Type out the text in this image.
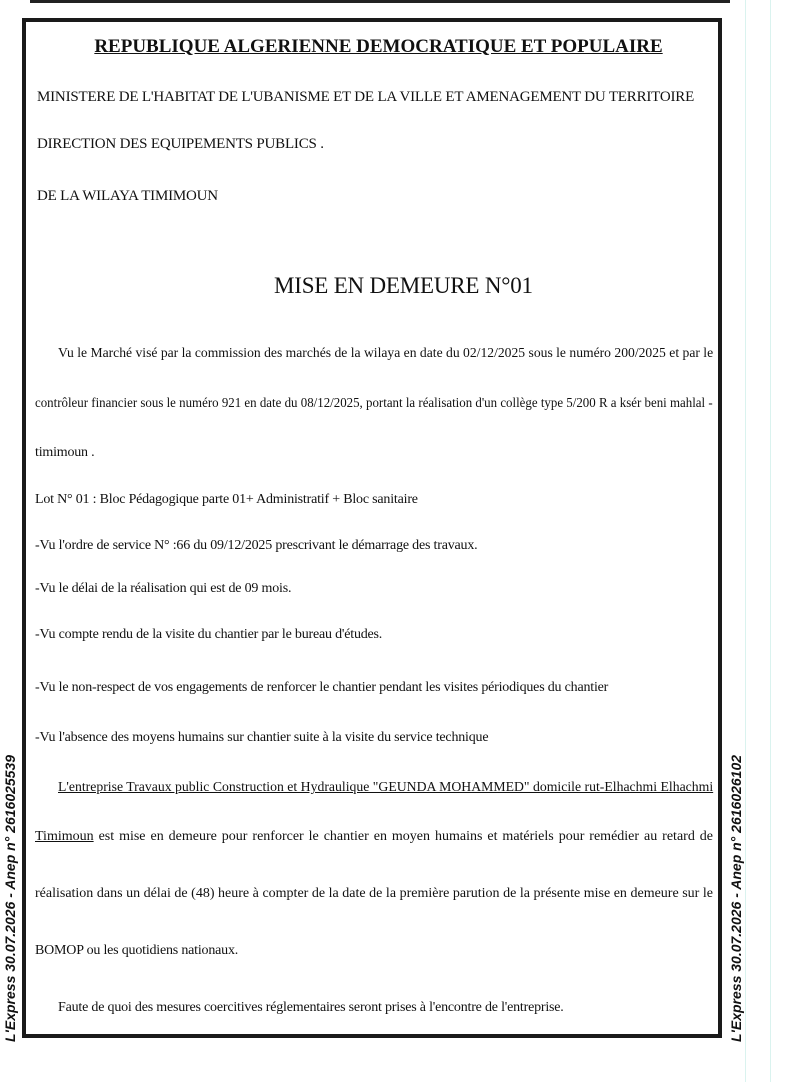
REPUBLIQUE ALGERIENNE DEMOCRATIQUE ET POPULAIRE
MINISTERE DE L'HABITAT DE L'UBANISME ET DE LA VILLE ET AMENAGEMENT DU TERRITOIRE
DIRECTION DES EQUIPEMENTS PUBLICS .
DE LA WILAYA TIMIMOUN
MISE EN DEMEURE N°01
Vu le Marché visé par la commission des marchés de la wilaya en date du 02/12/2025 sous le numéro 200/2025 et par le
contrôleur financier sous le numéro 921 en date du 08/12/2025, portant la réalisation d'un collège type 5/200 R a ksér beni mahlal -
timimoun .
Lot N° 01 : Bloc Pédagogique parte 01+ Administratif + Bloc sanitaire
-Vu l'ordre de service N° :66 du 09/12/2025 prescrivant le démarrage des travaux.
-Vu le délai de la réalisation qui est de 09 mois.
-Vu compte rendu de la visite du chantier par le bureau d'études.
-Vu le non-respect de vos engagements de renforcer le chantier pendant les visites périodiques du chantier
-Vu l'absence des moyens humains sur chantier suite à la visite du service technique
L'entreprise Travaux public Construction et Hydraulique "GEUNDA MOHAMMED" domicile rut-Elhachmi Elhachmi
Timimoun est mise en demeure pour renforcer le chantier en moyen humains et matériels pour remédier au retard de
réalisation dans un délai de (48) heure à compter de la date de la première parution de la présente mise en demeure sur le
BOMOP ou les quotidiens nationaux.
Faute de quoi des mesures coercitives réglementaires seront prises à l'encontre de l'entreprise.
L'Express 30.07.2026 - Anep n° 2616025539	L'Express 30.07.2026 - Anep n° 2616026102
